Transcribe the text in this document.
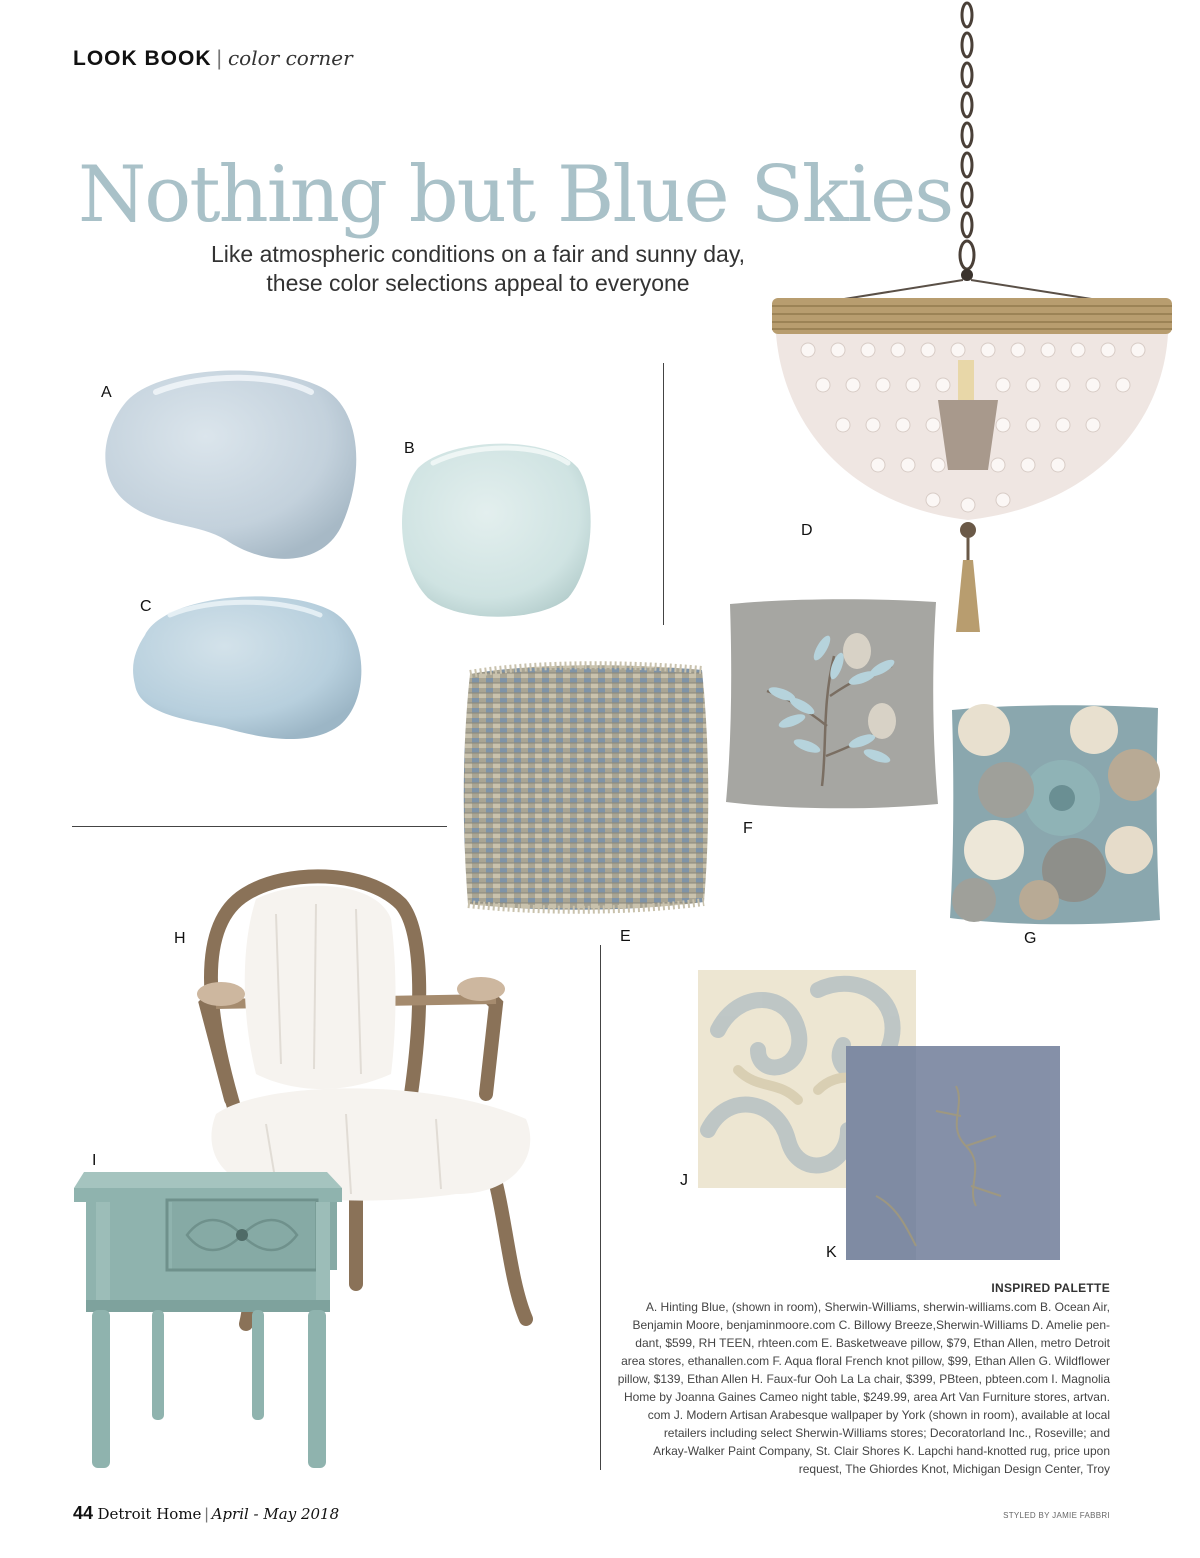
LOOK BOOK | color corner
Nothing but Blue Skies
Like atmospheric conditions on a fair and sunny day,
these color selections appeal to everyone
A
B
C
D
E
F
G
H
I
J
K
INSPIRED PALETTE
A. Hinting Blue, (shown in room), Sherwin-Williams, sherwin-williams.com B. Ocean Air,
Benjamin Moore, benjaminmoore.com C. Billowy Breeze,Sherwin-Williams D. Amelie pen-
dant, $599, RH TEEN, rhteen.com E. Basketweave pillow, $79, Ethan Allen, metro Detroit
area stores, ethanallen.com F. Aqua floral French knot pillow, $99, Ethan Allen G. Wildflower
pillow, $139, Ethan Allen H. Faux-fur Ooh La La chair, $399, PBteen, pbteen.com I. Magnolia
Home by Joanna Gaines Cameo night table, $249.99, area Art Van Furniture stores, artvan.
com J. Modern Artisan Arabesque wallpaper by York (shown in room), available at local
retailers including select Sherwin-Williams stores; Decoratorland Inc., Roseville; and
Arkay-Walker Paint Company, St. Clair Shores K. Lapchi hand-knotted rug, price upon
request, The Ghiordes Knot, Michigan Design Center, Troy
44 Detroit Home | April - May 2018	STYLED BY JAMIE FABBRI
